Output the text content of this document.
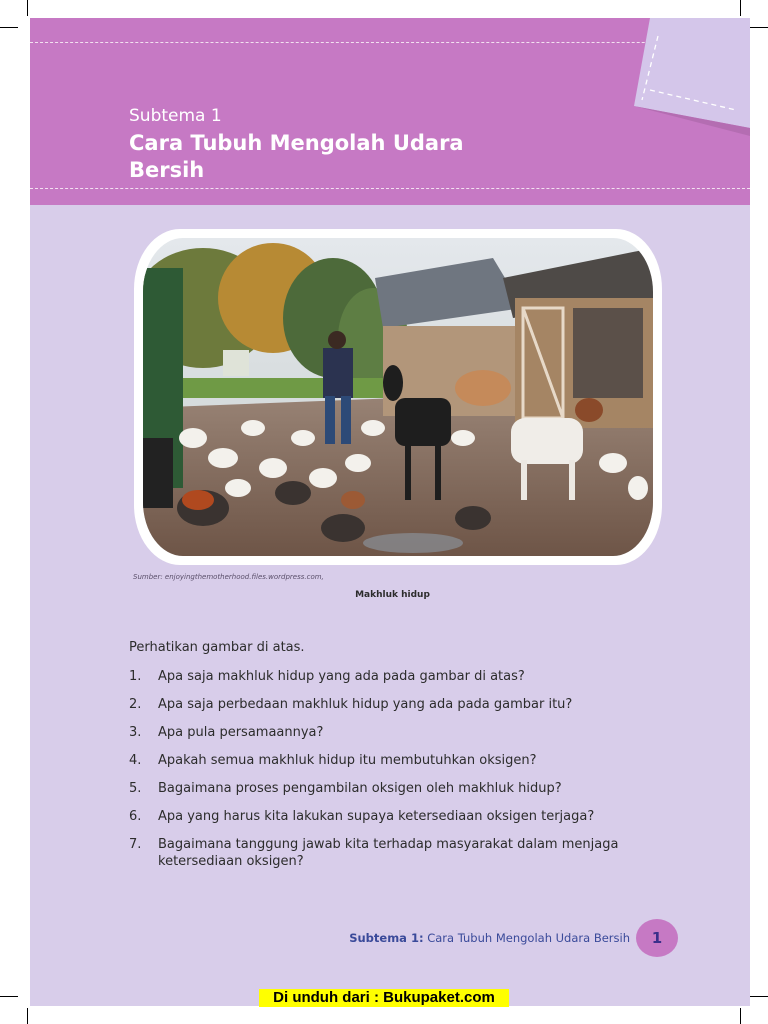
Subtema 1
Cara Tubuh Mengolah Udara Bersih
Sumber: enjoyingthemotherhood.files.wordpress.com,
Makhluk hidup
Perhatikan gambar di atas.
1. Apa saja makhluk hidup yang ada pada gambar di atas?
2. Apa saja perbedaan makhluk hidup yang ada pada gambar itu?
3. Apa pula persamaannya?
4. Apakah semua makhluk hidup itu membutuhkan oksigen?
5. Bagaimana proses pengambilan oksigen oleh makhluk hidup?
6. Apa yang harus kita lakukan supaya ketersediaan oksigen terjaga?
7. Bagaimana tanggung jawab kita terhadap masyarakat dalam menjaga ketersediaan oksigen?
Subtema 1: Cara Tubuh Mengolah Udara Bersih	1
Di unduh dari : Bukupaket.com
